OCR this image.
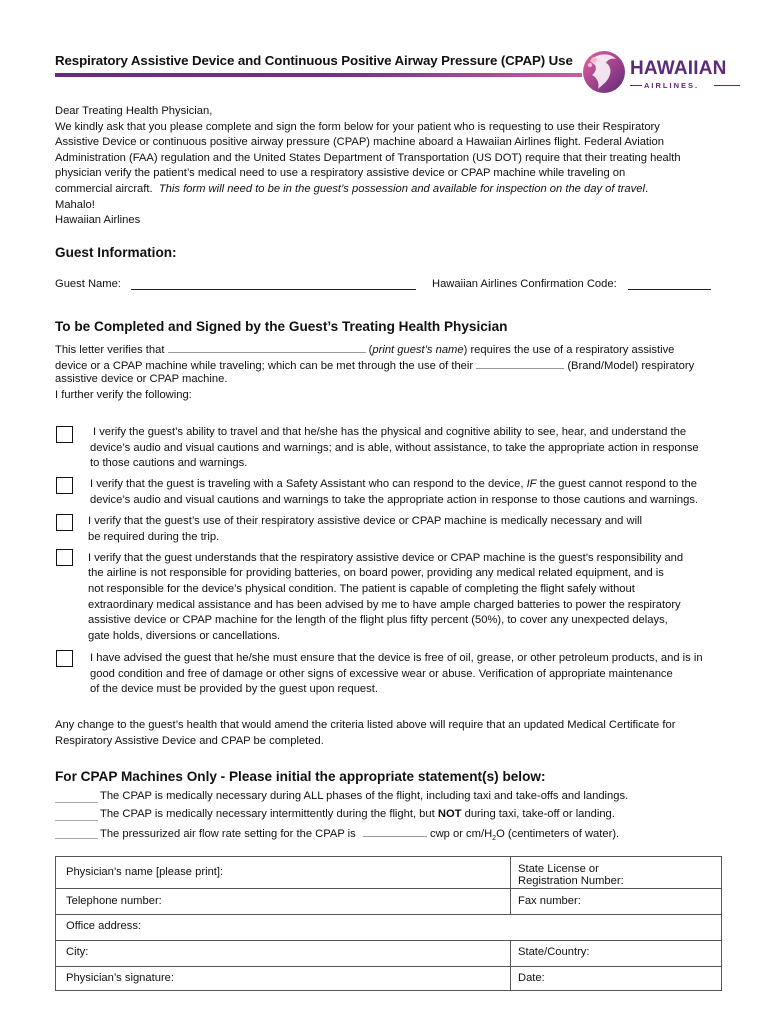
Respiratory Assistive Device and Continuous Positive Airway Pressure (CPAP) Use	HAWAIIAN
AIRLINES.
Dear Treating Health Physician,
We kindly ask that you please complete and sign the form below for your patient who is requesting to use their Respiratory
Assistive Device or continuous positive airway pressure (CPAP) machine aboard a Hawaiian Airlines flight. Federal Aviation
Administration (FAA) regulation and the United States Department of Transportation (US DOT) require that their treating health
physician verify the patient’s medical need to use a respiratory assistive device or CPAP machine while traveling on
commercial aircraft. This form will need to be in the guest’s possession and available for inspection on the day of travel.
Mahalo!
Hawaiian Airlines
Guest Information:
Guest Name:	Hawaiian Airlines Confirmation Code:
To be Completed and Signed by the Guest’s Treating Health Physician
This letter verifies that	(print guest’s name) requires the use of a respiratory assistive
device or a CPAP machine while traveling; which can be met through the use of their	(Brand/Model) respiratory
assistive device or CPAP machine.
I further verify the following:
I verify the guest’s ability to travel and that he/she has the physical and cognitive ability to see, hear, and understand the
device’s audio and visual cautions and warnings; and is able, without assistance, to take the appropriate action in response
to those cautions and warnings.
I verify that the guest is traveling with a Safety Assistant who can respond to the device, IF the guest cannot respond to the
device’s audio and visual cautions and warnings to take the appropriate action in response to those cautions and warnings.
I verify that the guest’s use of their respiratory assistive device or CPAP machine is medically necessary and will
be required during the trip.
I verify that the guest understands that the respiratory assistive device or CPAP machine is the guest’s responsibility and
the airline is not responsible for providing batteries, on board power, providing any medical related equipment, and is
not responsible for the device’s physical condition. The patient is capable of completing the flight safely without
extraordinary medical assistance and has been advised by me to have ample charged batteries to power the respiratory
assistive device or CPAP machine for the length of the flight plus fifty percent (50%), to cover any unexpected delays,
gate holds, diversions or cancellations.
I have advised the guest that he/she must ensure that the device is free of oil, grease, or other petroleum products, and is in
good condition and free of damage or other signs of excessive wear or abuse. Verification of appropriate maintenance
of the device must be provided by the guest upon request.
Any change to the guest’s health that would amend the criteria listed above will require that an updated Medical Certificate for
Respiratory Assistive Device and CPAP be completed.
For CPAP Machines Only - Please initial the appropriate statement(s) below:
The CPAP is medically necessary during ALL phases of the flight, including taxi and take-offs and landings.
The CPAP is medically necessary intermittently during the flight, but NOT during taxi, take-off or landing.
The pressurized air flow rate setting for the CPAP is	cwp or $cm/H_2O$ (centimeters of water).
Physician’s name [please print]:	State License or
Registration Number:
Telephone number:	Fax number:
Office address:
City:	State/Country:
Physician’s signature:	Date:
